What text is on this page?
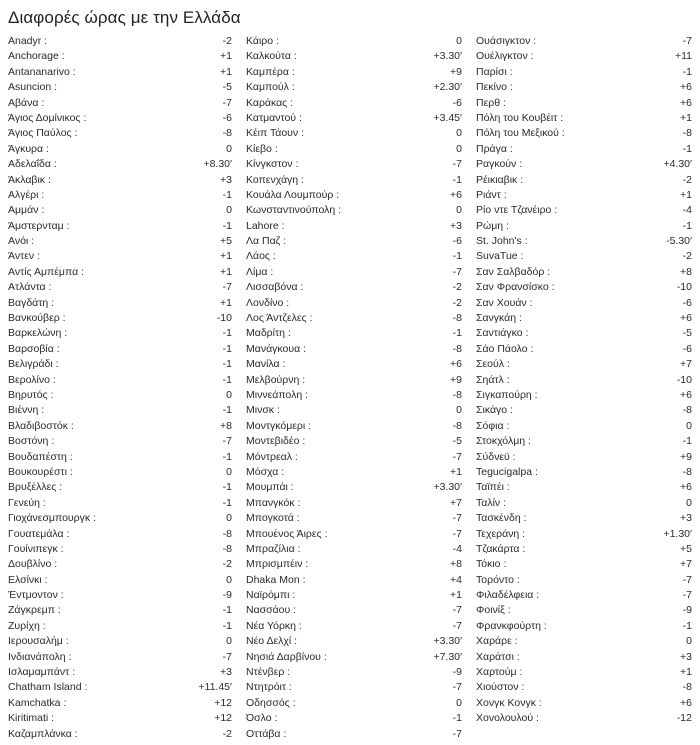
Διαφορές ώρας με την Ελλάδα
Anadyr :	-2
Anchorage :	+1
Antananarivo :	+1
Asuncion :	-5
Αβάνα :	-7
Άγιος Δομίνικος :	-6
Άγιος Παύλος :	-8
Άγκυρα :	0
Αδελαΐδα :	+8.30′
Άκλαβικ :	+3
Αλγέρι :	-1
Αμμάν :	0
Άμστερνταμ :	-1
Ανόι :	+5
Άντεν :	+1
Αντίς Αμπέμπα :	+1
Ατλάντα :	-7
Βαγδάτη :	+1
Βανκούβερ :	-10
Βαρκελώνη :	-1
Βαρσοβία :	-1
Βελιγράδι :	-1
Βερολίνο :	-1
Βηρυτός :	0
Βιέννη :	-1
Βλαδιβοστόκ :	+8
Βοστόνη :	-7
Βουδαπέστη :	-1
Βουκουρέστι :	0
Βρυξέλλες :	-1
Γενεύη :	-1
Γιοχάνεσμπουργκ :	0
Γουατεμάλα :	-8
Γουίνιπεγκ :	-8
Δουβλίνο :	-2
Ελσίνκι :	0
Έντμοντον :	-9
Ζάγκρεμπ :	-1
Ζυρίχη :	-1
Ιερουσαλήμ :	0
Ινδιανάπολη :	-7
Ισλαμαμπάντ :	+3
Chatham Island :	+11.45′
Kamchatka :	+12
Kiritimati :	+12
Καζαμπλάνκα :	-2
Κάιρο :	0
Καλκούτα :	+3.30′
Καμπέρα :	+9
Καμπούλ :	+2.30′
Καράκας :	-6
Κατμαντού :	+3.45′
Κέιπ Τάουν :	0
Κίεβο :	0
Κίνγκστον :	-7
Κοπενχάγη :	-1
Κουάλα Λουμπούρ :	+6
Κωνσταντινούπολη :	0
Lahore :	+3
Λα Παζ :	-6
Λάος :	-1
Λίμα :	-7
Λισσαβόνα :	-2
Λονδίνο :	-2
Λος Άντζελες :	-8
Μαδρίτη :	-1
Μανάγκουα :	-8
Μανίλα :	+6
Μελβούρνη :	+9
Μιννεάπολη :	-8
Μινσκ :	0
Μοντγκόμερι :	-8
Μοντεβιδέο :	-5
Μόντρεαλ :	-7
Μόσχα :	+1
Μουμπάι :	+3.30′
Μπανγκόκ :	+7
Μπογκοτά :	-7
Μπουένος Άιρες :	-7
Μπραζίλια :	-4
Μπρισμπέιν :	+8
Dhaka Mon :	+4
Ναϊρόμπι :	+1
Νασσάου :	-7
Νέα Υόρκη :	-7
Νέο Δελχί :	+3.30′
Νησιά Δαρβίνου :	+7.30′
Ντένβερ :	-9
Ντητρόιτ :	-7
Οδησσός :	0
Όσλο :	-1
Οττάβα :	-7
Ουάσιγκτον :	-7
Ουέλιγκτον :	+11
Παρίσι :	-1
Πεκίνο :	+6
Περθ :	+6
Πόλη του Κουβέιτ :	+1
Πόλη του Μεξικού :	-8
Πράγα :	-1
Ραγκούν :	+4.30′
Ρέικιαβικ :	-2
Ριάντ :	+1
Ρίο ντε Τζανέιρο :	-4
Ρώμη :	-1
St. John's :	-5.30′
SuvaTue :	-2
Σαν Σαλβαδόρ :	+8
Σαν Φρανσίσκο :	-10
Σαν Χουάν :	-6
Σανγκάη :	+6
Σαντιάγκο :	-5
Σάο Πάολο :	-6
Σεούλ :	+7
Σηάτλ :	-10
Σιγκαπούρη :	+6
Σικάγο :	-8
Σόφια :	0
Στοκχόλμη :	-1
Σύδνεϋ :	+9
Tegucigalpa :	-8
Ταϊπέι :	+6
Ταλίν :	0
Τασκένδη :	+3
Τεχεράνη :	+1.30′
Τζακάρτα :	+5
Τόκιο :	+7
Τορόντο :	-7
Φιλαδέλφεια :	-7
Φοινίξ :	-9
Φρανκφούρτη :	-1
Χαράρε :	0
Χαράτσι :	+3
Χαρτούμ :	+1
Χιούστον :	-8
Χονγκ Κονγκ :	+6
Χονολουλού :	-12
